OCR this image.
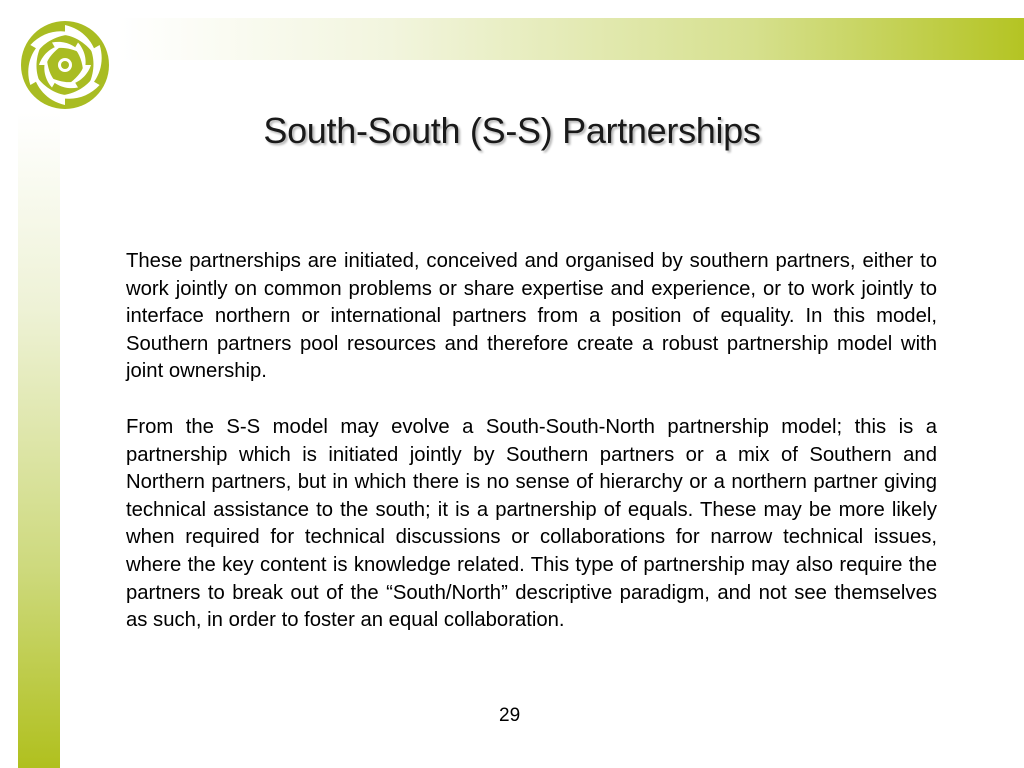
South-South (S-S) Partnerships

These partnerships are initiated, conceived and organised by southern partners, either to work jointly on common problems or share expertise and experience, or to work jointly to interface northern or international partners from a position of equality. In this model, Southern partners pool resources and therefore create a robust partnership model with joint ownership.

From the S-S model may evolve a South-South-North partnership model; this is a partnership which is initiated jointly by Southern partners or a mix of Southern and Northern partners, but in which there is no sense of hierarchy or a northern partner giving technical assistance to the south; it is a partnership of equals. These may be more likely when required for technical discussions or collaborations for narrow technical issues, where the key content is knowledge related. This type of partnership may also require the partners to break out of the “South/North” descriptive paradigm, and not see themselves as such, in order to foster an equal collaboration.

29
